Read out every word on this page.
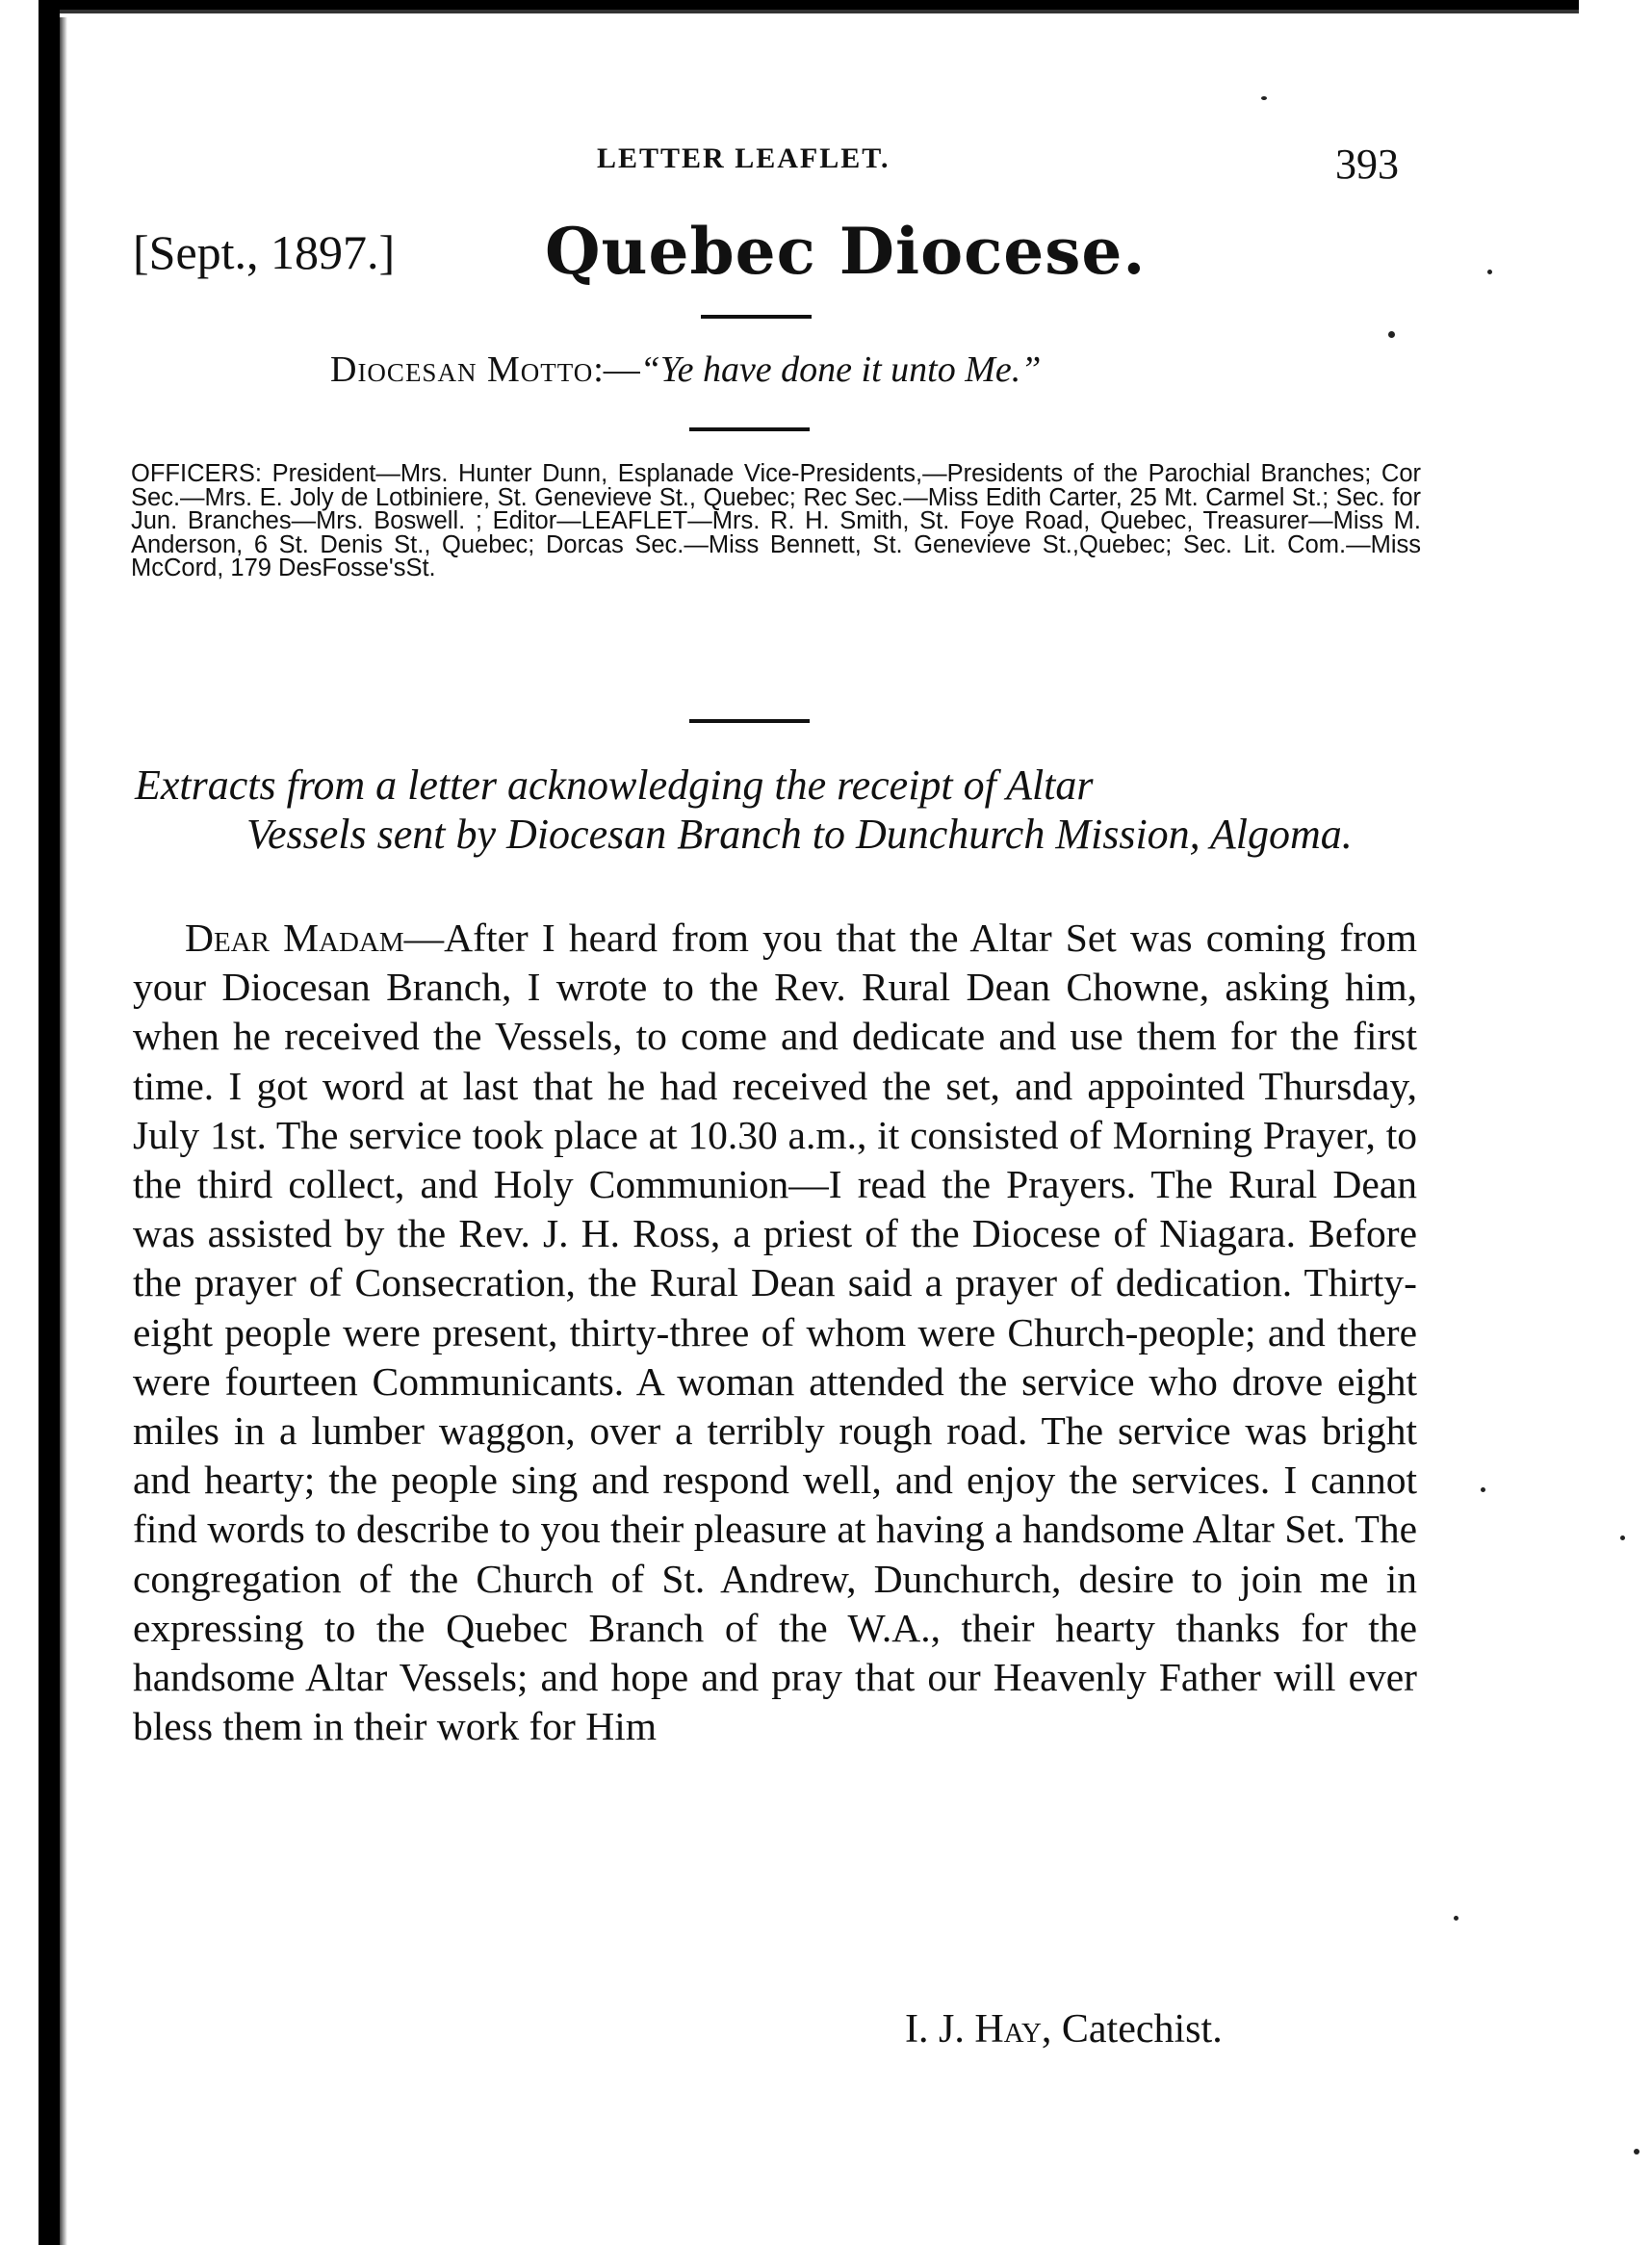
LETTER LEAFLET.	393
[Sept., 1897.] Quebec Diocese.
Diocesan Motto:—“Ye have done it unto Me.”
OFFICERS: President—Mrs. Hunter Dunn, Esplanade Vice-Presidents,—Presidents of the Parochial Branches; Cor Sec.—Mrs. E. Joly de Lotbiniere, St. Genevieve St., Quebec; Rec Sec.—Miss Edith Carter, 25 Mt. Carmel St.; Sec. for Jun. Branches—Mrs. Boswell. ; Editor—LEAFLET—Mrs. R. H. Smith, St. Foye Road, Quebec, Treasurer—Miss M. Anderson, 6 St. Denis St., Quebec; Dorcas Sec.—Miss Bennett, St. Genevieve St.,Quebec; Sec. Lit. Com.—Miss McCord, 179 DesFosse'sSt.
Extracts from a letter acknowledging the receipt of Altar
Vessels sent by Diocesan Branch to Dunchurch Mission, Algoma.

Dear Madam—After I heard from you that the Altar Set was coming from your Diocesan Branch, I wrote to the Rev. Rural Dean Chowne, asking him, when he received the Vessels, to come and dedicate and use them for the first time. I got word at last that he had received the set, and appointed Thursday, July 1st. The service took place at 10.30 a.m., it consisted of Morning Prayer, to the third collect, and Holy Communion—I read the Prayers. The Rural Dean was assisted by the Rev. J. H. Ross, a priest of the Diocese of Niagara. Before the prayer of Consecration, the Rural Dean said a prayer of dedication. Thirty-eight people were present, thirty-three of whom were Church-people; and there were fourteen Communicants. A woman attended the service who drove eight miles in a lumber waggon, over a terribly rough road. The service was bright and hearty; the people sing and respond well, and enjoy the services. I cannot find words to describe to you their pleasure at having a handsome Altar Set. The congregation of the Church of St. Andrew, Dunchurch, desire to join me in expressing to the Quebec Branch of the W.A., their hearty thanks for the handsome Altar Vessels; and hope and pray that our Heavenly Father will ever bless them in their work for Him

I. J. Hay, Catechist.
